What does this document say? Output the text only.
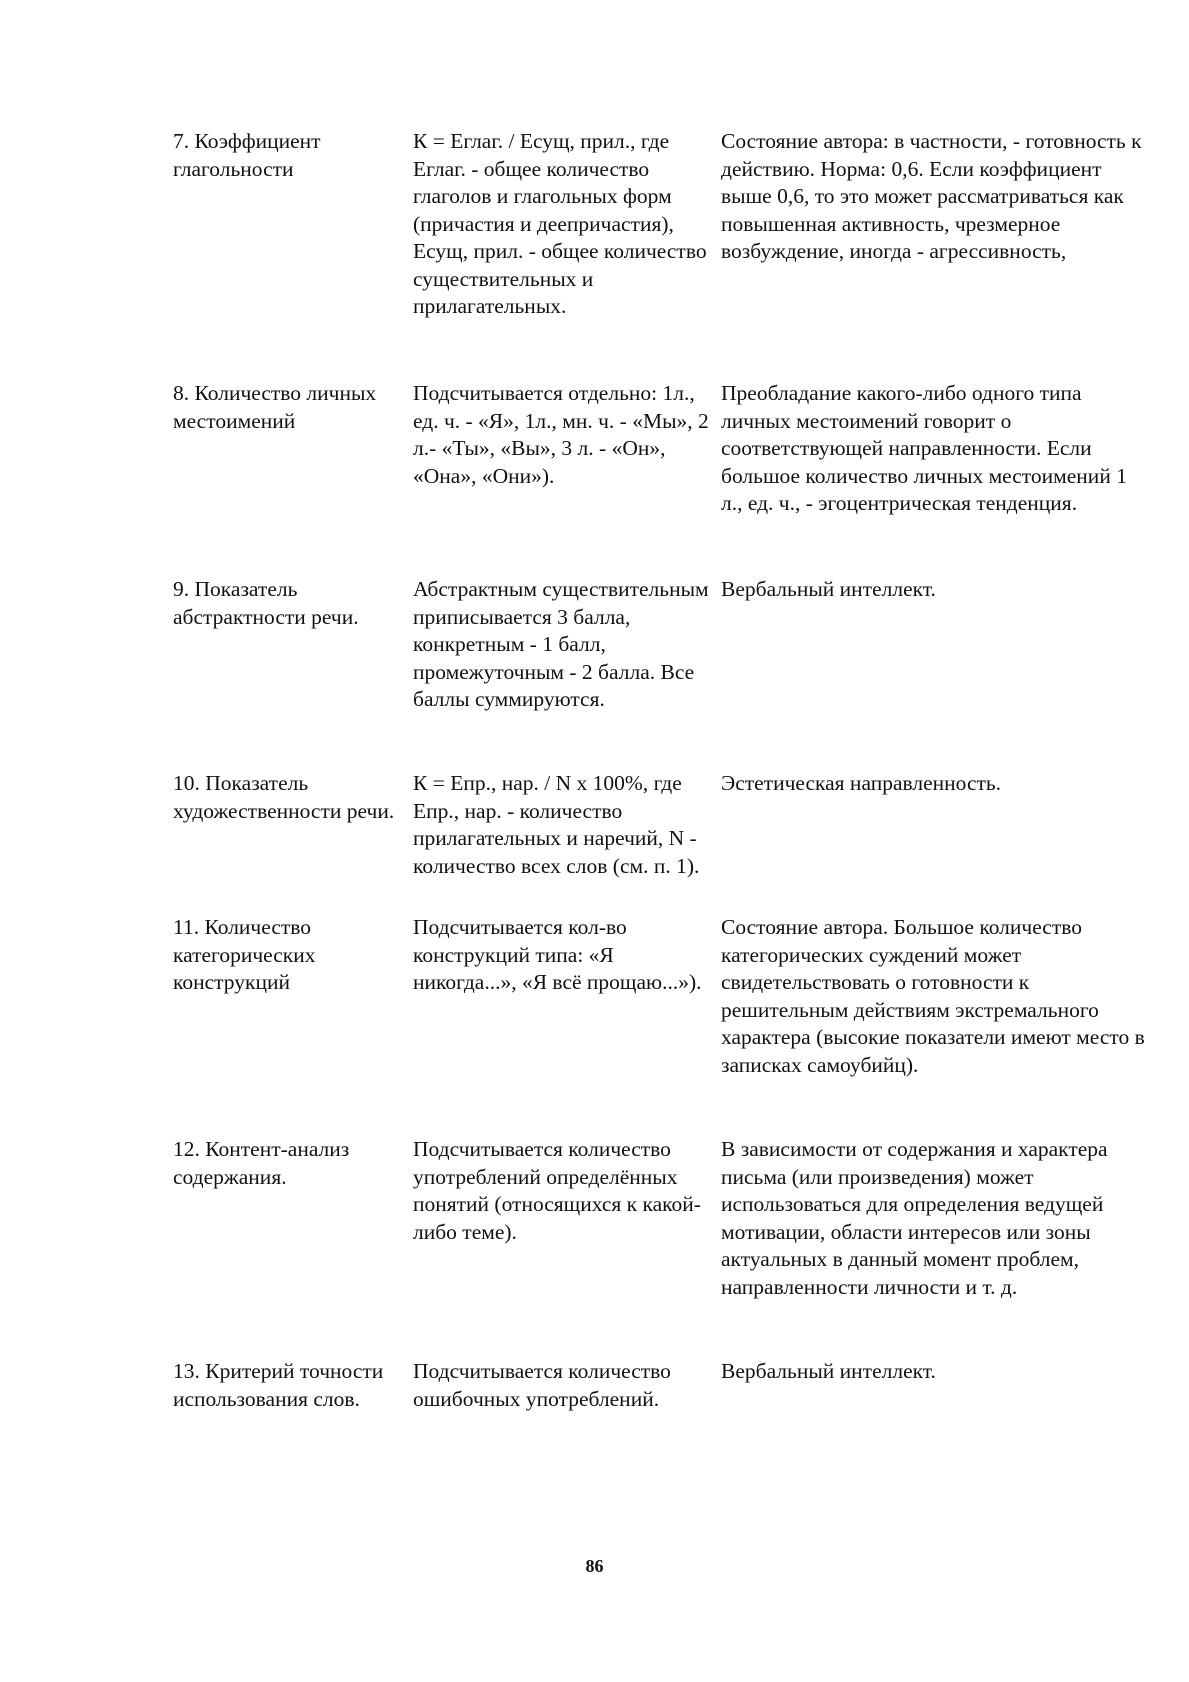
7. Коэффициент глагольности
К = Еглаг. / Есущ, прил., где Еглаг. - общее количество глаголов и глагольных форм (причастия и деепричастия), Есущ, прил. - общее количество существительных и прилагательных.
Состояние автора: в частности, - готовность к действию. Норма: 0,6. Если коэффициент выше 0,6, то это может рассматриваться как повышенная активность, чрезмерное возбуждение, иногда - агрессивность,
8. Количество личных местоимений
Подсчитывается отдельно: 1л., ед. ч. - «Я», 1л., мн. ч. - «Мы», 2 л.- «Ты», «Вы», 3 л. - «Он», «Она», «Они»).
Преобладание какого-либо одного типа личных местоимений говорит о соответствующей направленности. Если большое количество личных местоимений 1 л., ед. ч., - эгоцентрическая тенденция.
9. Показатель абстрактности речи.
Абстрактным существительным приписывается 3 балла, конкретным - 1 балл, промежуточным - 2 балла. Все баллы суммируются.
Вербальный интеллект.
10. Показатель художественности речи.
К = Епр., нар. / N х 100%, где Епр., нар. - количество прилагательных и наречий, N - количество всех слов (см. п. 1).
Эстетическая направленность.
11. Количество категорических конструкций
Подсчитывается кол-во конструкций типа: «Я никогда...», «Я всё прощаю...»).
Состояние автора. Большое количество категорических суждений может свидетельствовать о готовности к решительным действиям экстремального характера (высокие показатели имеют место в записках самоубийц).
12. Контент-анализ содержания.
Подсчитывается количество употреблений определённых понятий (относящихся к какой-либо теме).
В зависимости от содержания и характера письма (или произведения) может использоваться для определения ведущей мотивации, области интересов или зоны актуальных в данный момент проблем, направленности личности и т. д.
13. Критерий точности использования слов.
Подсчитывается количество ошибочных употреблений.
Вербальный интеллект.
86
